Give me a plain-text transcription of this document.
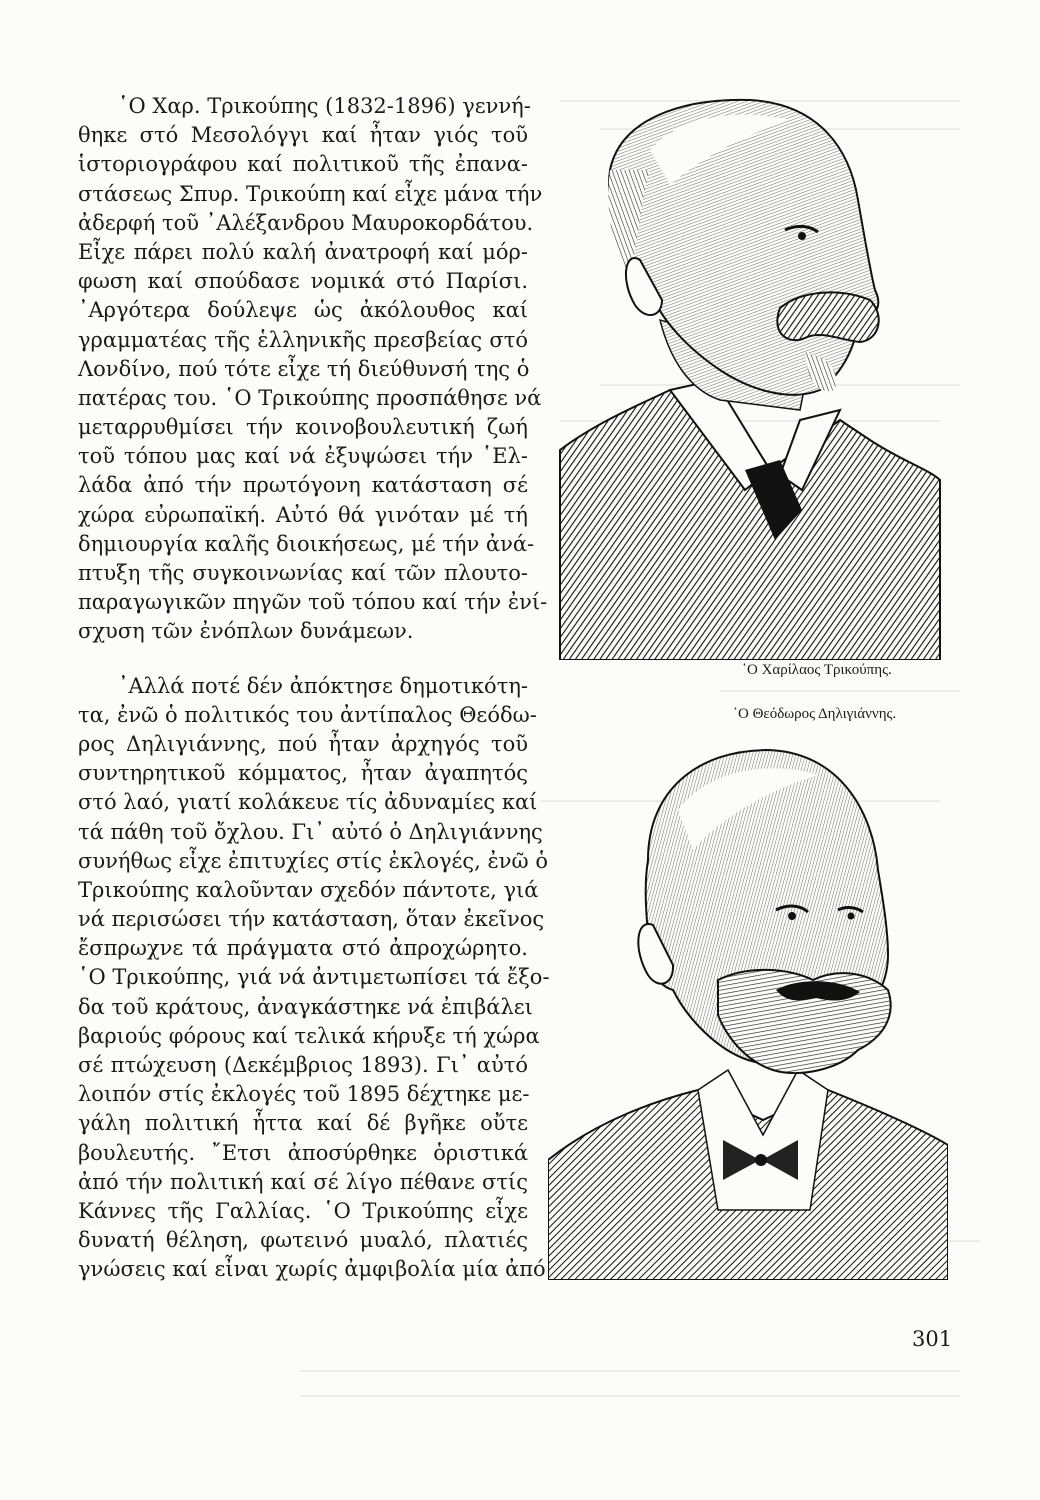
῾Ο Χαρ. Τρικούπης (1832-1896) γεννή-
θηκε στό Μεσολόγγι καί ἦταν γιός τοῦ
ἱστοριογράφου καί πολιτικοῦ τῆς ἐπανα-
στάσεως Σπυρ. Τρικούπη καί εἶχε μάνα τήν
ἀδερφή τοῦ ᾿Αλέξανδρου Μαυροκορδάτου.
Εἶχε πάρει πολύ καλή ἀνατροφή καί μόρ-
φωση καί σπούδασε νομικά στό Παρίσι.
᾿Αργότερα δούλεψε ὡς ἀκόλουθος καί
γραμματέας τῆς ἑλληνικῆς πρεσβείας στό
Λονδίνο, πού τότε εἶχε τή διεύθυνσή της ὁ
πατέρας του. ῾Ο Τρικούπης προσπάθησε νά
μεταρρυθμίσει τήν κοινοβουλευτική ζωή
τοῦ τόπου μας καί νά ἐξυψώσει τήν ῾Ελ-
λάδα ἀπό τήν πρωτόγονη κατάσταση σέ
χώρα εὐρωπαϊκή. Αὐτό θά γινόταν μέ τή
δημιουργία καλῆς διοικήσεως, μέ τήν ἀνά-
πτυξη τῆς συγκοινωνίας καί τῶν πλουτο-
παραγωγικῶν πηγῶν τοῦ τόπου καί τήν ἐνί-
σχυση τῶν ἐνόπλων δυνάμεων.
᾿Αλλά ποτέ δέν ἀπόκτησε δημοτικότη-
τα, ἐνῶ ὁ πολιτικός του ἀντίπαλος Θεόδω-
ρος Δηλιγιάννης, πού ἦταν ἀρχηγός τοῦ
συντηρητικοῦ κόμματος, ἦταν ἀγαπητός
στό λαό, γιατί κολάκευε τίς ἀδυναμίες καί
τά πάθη τοῦ ὄχλου. Γι᾿ αὐτό ὁ Δηλιγιάννης
συνήθως εἶχε ἐπιτυχίες στίς ἐκλογές, ἐνῶ ὁ
Τρικούπης καλοῦνταν σχεδόν πάντοτε, γιά
νά περισώσει τήν κατάσταση, ὅταν ἐκεῖνος
ἔσπρωχνε τά πράγματα στό ἀπροχώρητο.
῾Ο Τρικούπης, γιά νά ἀντιμετωπίσει τά ἔξο-
δα τοῦ κράτους, ἀναγκάστηκε νά ἐπιβάλει
βαριούς φόρους καί τελικά κήρυξε τή χώρα
σέ πτώχευση (Δεκέμβριος 1893). Γι᾿ αὐτό
λοιπόν στίς ἐκλογές τοῦ 1895 δέχτηκε με-
γάλη πολιτική ἧττα καί δέ βγῆκε οὔτε
βουλευτής. ῎Ετσι ἀποσύρθηκε ὁριστικά
ἀπό τήν πολιτική καί σέ λίγο πέθανε στίς
Κάννες τῆς Γαλλίας. ῾Ο Τρικούπης εἶχε
δυνατή θέληση, φωτεινό μυαλό, πλατιές
γνώσεις καί εἶναι χωρίς ἀμφιβολία μία ἀπό
῾Ο Χαρίλαος Τρικούπης.
῾Ο Θεόδωρος Δηλιγιάννης.
301
